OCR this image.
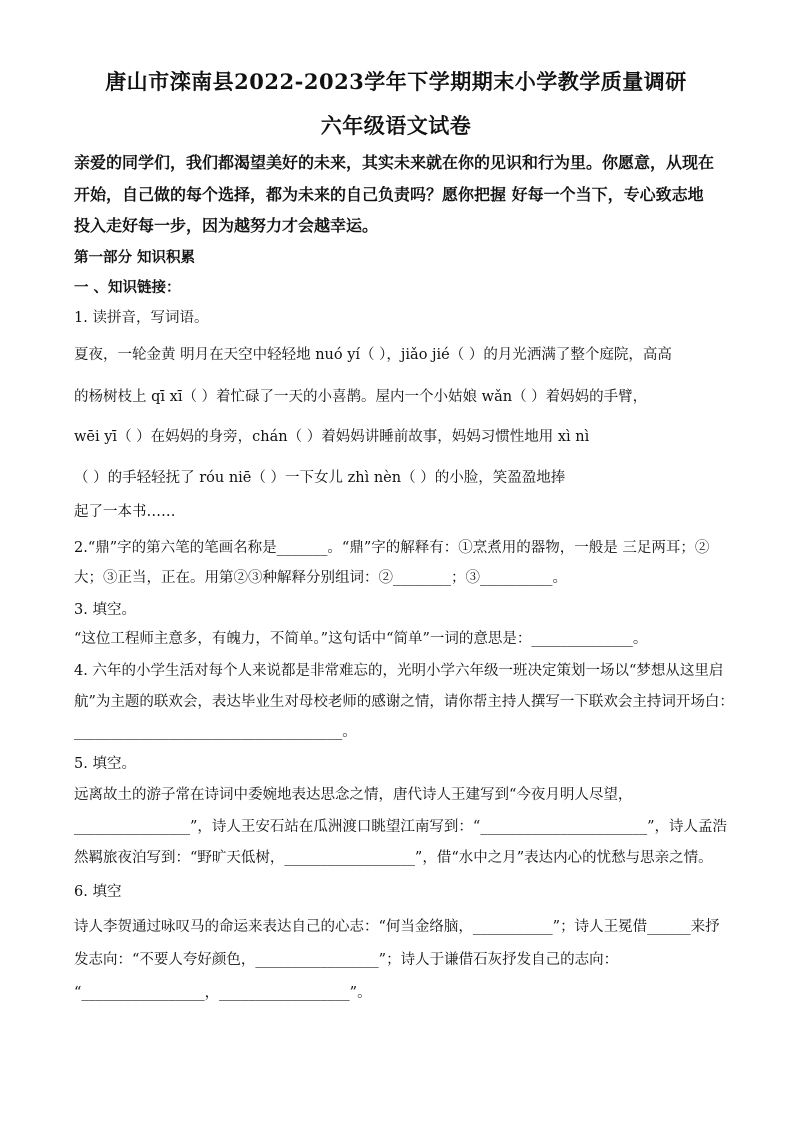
唐山市滦南县2022-2023学年下学期期末小学教学质量调研
六年级语文试卷
亲爱的同学们，我们都渴望美好的未来，其实未来就在你的见识和行为里。你愿意，从现在
开始，自己做的每个选择，都为未来的自己负责吗？愿你把握 好每一个当下，专心致志地
投入走好每一步，因为越努力才会越幸运。
第一部分 知识积累
一 、知识链接：
1. 读拼音，写词语。
夏夜，一轮金黄 明月在天空中轻轻地 nuó yí（ ），jiǎo jié（ ）的月光洒满了整个庭院，高高
的杨树枝上 qī xī（ ）着忙碌了一天的小喜鹊。屋内一个小姑娘 wǎn（ ）着妈妈的手臂，
wēi yī（ ）在妈妈的身旁，chán（ ）着妈妈讲睡前故事，妈妈习惯性地用 xì nì
（ ）的手轻轻抚了 róu niē（ ）一下女儿 zhì nèn（ ）的小脸，笑盈盈地捧
起了一本书……
2.“鼎”字的第六笔的笔画名称是_______。“鼎”字的解释有：①烹煮用的器物，一般是 三足两耳；②
大；③正当，正在。用第②③种解释分别组词：②________；③__________。
3. 填空。
“这位工程师主意多，有魄力，不简单。”这句话中“简单”一词的意思是：______________。
4. 六年的小学生活对每个人来说都是非常难忘的，光明小学六年级一班决定策划一场以“梦想从这里启
航”为主题的联欢会，表达毕业生对母校老师的感谢之情，请你帮主持人撰写一下联欢会主持词开场白：
_____________________________________。
5. 填空。
远离故土的游子常在诗词中委婉地表达思念之情，唐代诗人王建写到“今夜月明人尽望，
________________”，诗人王安石站在瓜洲渡口眺望江南写到：“_______________________”，诗人孟浩
然羁旅夜泊写到：“野旷天低树，__________________”，借“水中之月”表达内心的忧愁与思亲之情。
6. 填空
诗人李贺通过咏叹马的命运来表达自己的心志：“何当金络脑，___________”；诗人王冕借______来抒
发志向：“不要人夸好颜色，_________________”；诗人于谦借石灰抒发自己的志向：
“_________________，__________________”。
